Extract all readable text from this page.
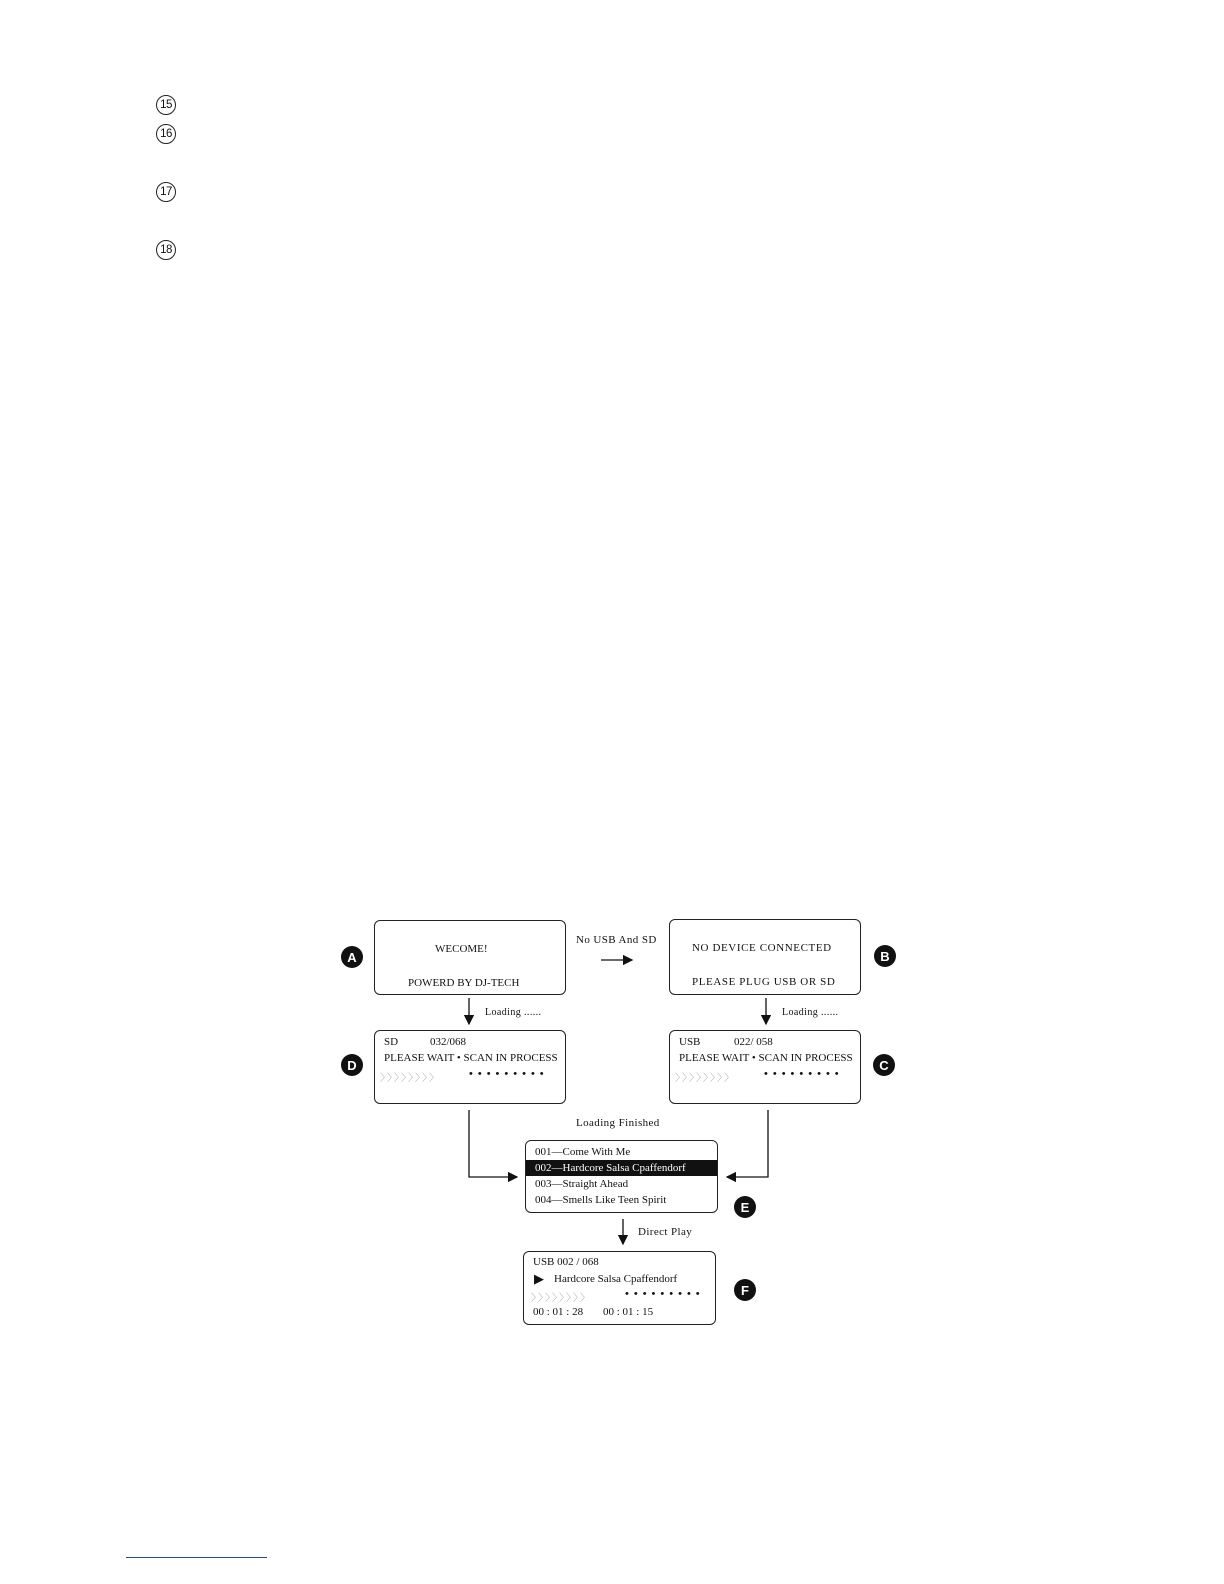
15
16
17
18
No USB And SD
Loading ......	Loading ......
Loading Finished
Direct Play
A
WECOME!
POWERD BY DJ-TECH
B
NO DEVICE CONNECTED
PLEASE PLUG USB OR SD
D
SD	032/068
PLEASE WAIT • SCAN IN PROCESS
〉〉〉〉〉〉〉〉	•••••••••
C
USB	022/ 058
PLEASE WAIT • SCAN IN PROCESS
〉〉〉〉〉〉〉〉	•••••••••
E
001—Come With Me
002—Hardcore Salsa Cpaffendorf
003—Straight Ahead
004—Smells Like Teen Spirit
F
USB 002 / 068
▶ Hardcore Salsa Cpaffendorf
〉〉〉〉〉〉〉〉	•••••••••
00 : 01 : 28 00 : 01 : 15
